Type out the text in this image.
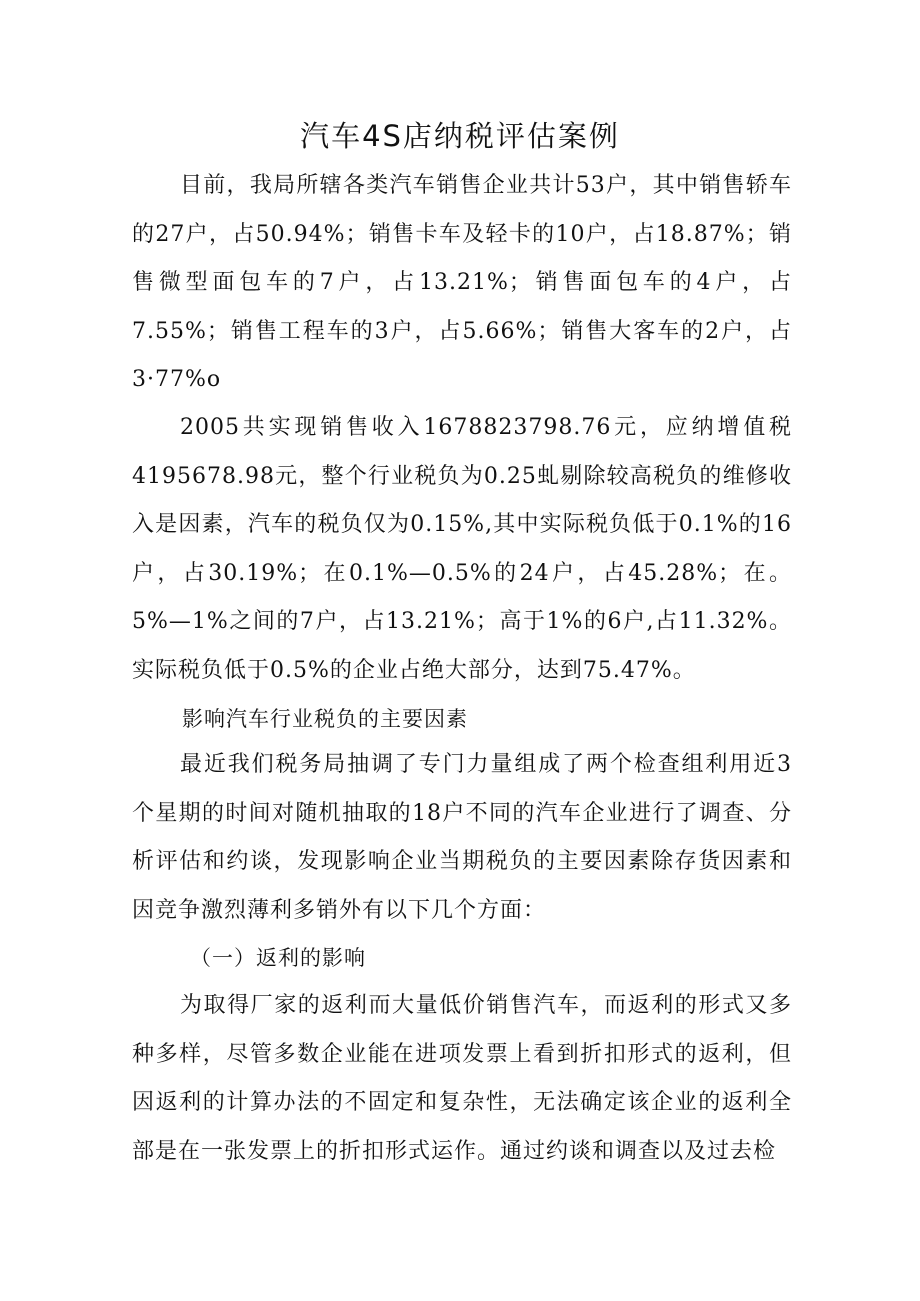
汽车4S店纳税评估案例

目前，我局所辖各类汽车销售企业共计53户，其中销售轿车的27户，占50.94%；销售卡车及轻卡的10户，占18.87%；销售微型面包车的7户，占13.21%；销售面包车的4户，占7.55%；销售工程车的3户，占5.66%；销售大客车的2户，占3·77%o

2005共实现销售收入1678823798.76元，应纳增值税4195678.98元，整个行业税负为0.25虬剔除较高税负的维修收入是因素，汽车的税负仅为0.15%,其中实际税负低于0.1%的16户，占30.19%；在0.1%—0.5%的24户，占45.28%；在。5%—1%之间的7户，占13.21%；高于1%的6户,占11.32%。实际税负低于0.5%的企业占绝大部分，达到75.47%。

影响汽车行业税负的主要因素

最近我们税务局抽调了专门力量组成了两个检查组利用近3个星期的时间对随机抽取的18户不同的汽车企业进行了调查、分析评估和约谈，发现影响企业当期税负的主要因素除存货因素和因竞争激烈薄利多销外有以下几个方面：

（一）返利的影响

为取得厂家的返利而大量低价销售汽车，而返利的形式又多种多样，尽管多数企业能在进项发票上看到折扣形式的返利，但因返利的计算办法的不固定和复杂性，无法确定该企业的返利全部是在一张发票上的折扣形式运作。通过约谈和调查以及过去检
